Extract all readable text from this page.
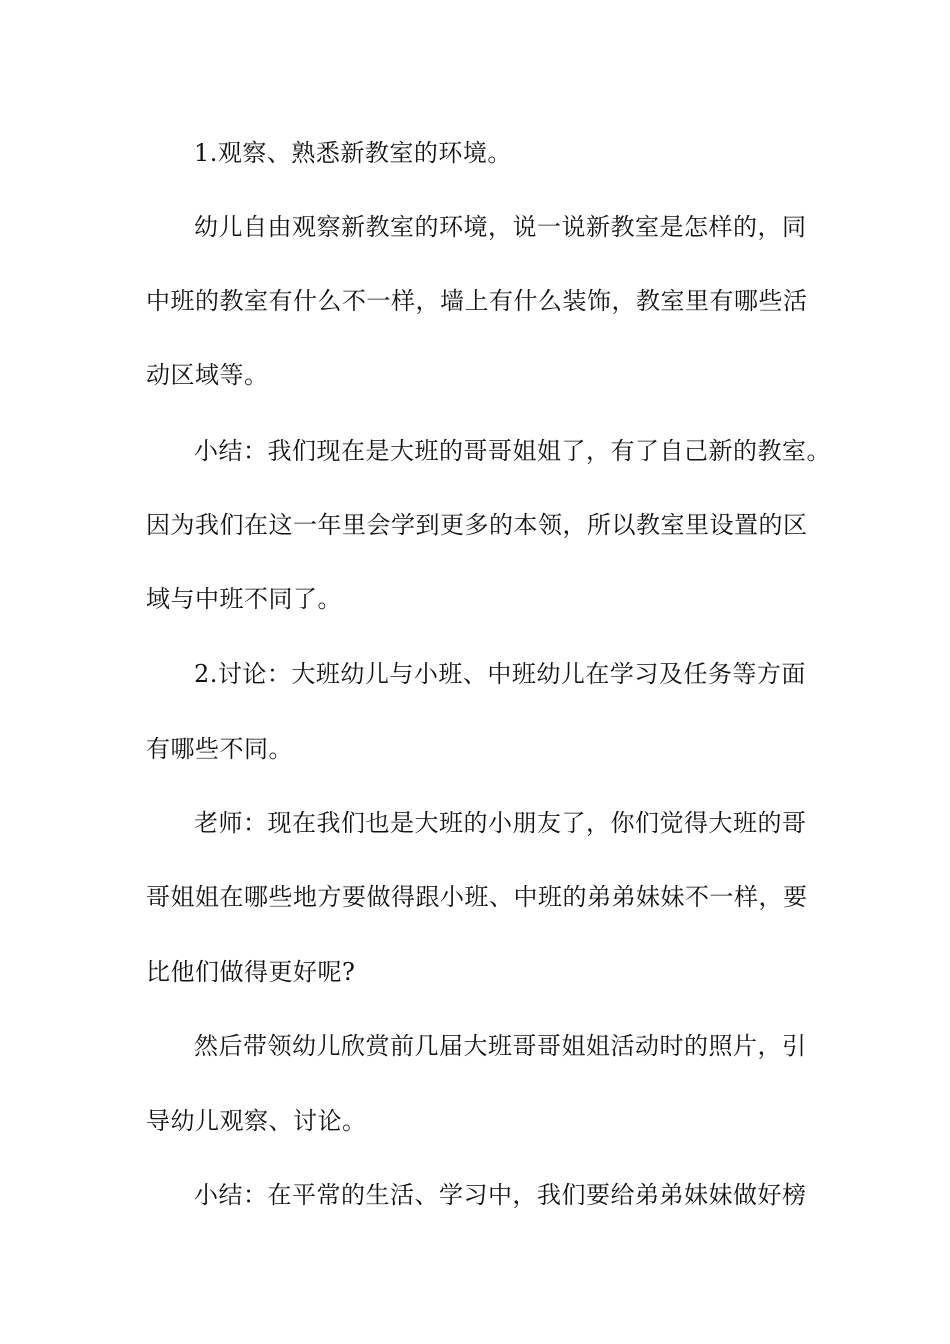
1.观察、熟悉新教室的环境。
幼儿自由观察新教室的环境，说一说新教室是怎样的，同
中班的教室有什么不一样，墙上有什么装饰，教室里有哪些活
动区域等。
小结：我们现在是大班的哥哥姐姐了，有了自己新的教室。
因为我们在这一年里会学到更多的本领，所以教室里设置的区
域与中班不同了。
2.讨论：大班幼儿与小班、中班幼儿在学习及任务等方面
有哪些不同。
老师：现在我们也是大班的小朋友了，你们觉得大班的哥
哥姐姐在哪些地方要做得跟小班、中班的弟弟妹妹不一样，要
比他们做得更好呢?
然后带领幼儿欣赏前几届大班哥哥姐姐活动时的照片，引
导幼儿观察、讨论。
小结：在平常的生活、学习中，我们要给弟弟妹妹做好榜
